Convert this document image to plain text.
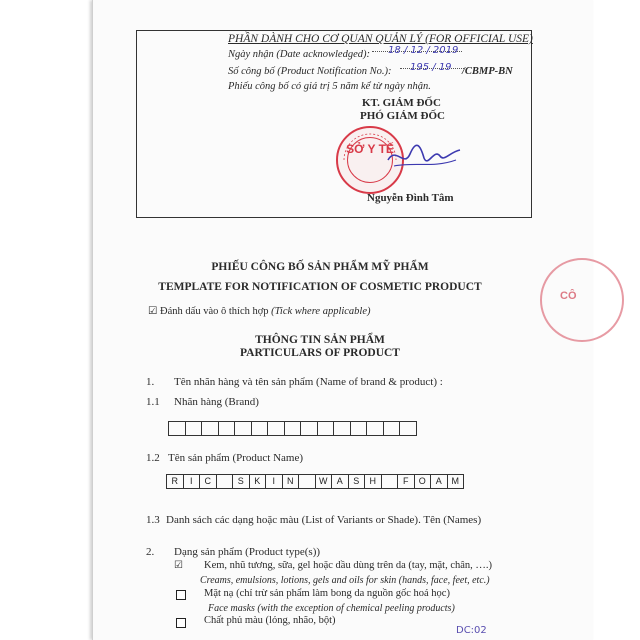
PHẦN DÀNH CHO CƠ QUAN QUẢN LÝ (FOR OFFICIAL USE)
Ngày nhận (Date acknowledged): 18 / 12 / 2019
Số công bố (Product Notification No.): 195 / 19 /CBMP-BN
Phiếu công bố có giá trị 5 năm kể từ ngày nhận.
KT. GIÁM ĐỐC
PHÓ GIÁM ĐỐC
SỞ Y TẾ
Nguyễn Đình Tâm
CÔ
PHIẾU CÔNG BỐ SẢN PHẨM MỸ PHẨM
TEMPLATE FOR NOTIFICATION OF COSMETIC PRODUCT
☑ Đánh dấu vào ô thích hợp (Tick where applicable)
THÔNG TIN SẢN PHẨM
PARTICULARS OF PRODUCT
1. Tên nhãn hàng và tên sản phẩm (Name of brand & product) :
1.1 Nhãn hàng (Brand)
1.2 Tên sản phẩm (Product Name)
R	I	C	S	K	I	N	W	A	S	H	F	O	A	M
1.3 Danh sách các dạng hoặc màu (List of Variants or Shade). Tên (Names)
2. Dạng sản phẩm (Product type(s))
☑ Kem, nhũ tương, sữa, gel hoặc dầu dùng trên da (tay, mặt, chân, ….)
Creams, emulsions, lotions, gels and oils for skin (hands, face, feet, etc.)
Mặt nạ (chỉ trừ sản phẩm làm bong da nguồn gốc hoá học)
Face masks (with the exception of chemical peeling products)
Chất phủ màu (lỏng, nhão, bột)
DC:02
